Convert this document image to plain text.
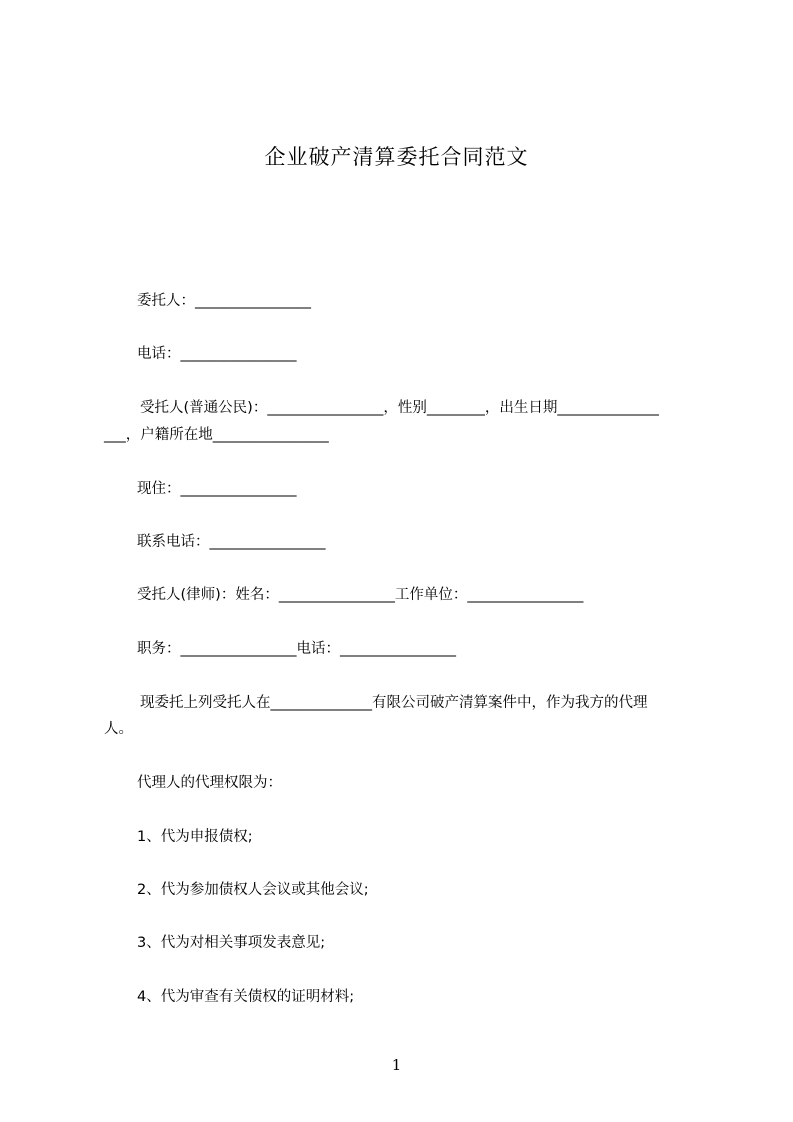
企业破产清算委托合同范文
委托人：________________
电话：________________
受托人(普通公民)：________________，性别________，出生日期______________
___，户籍所在地________________
现住：________________
联系电话：________________
受托人(律师)：姓名：________________工作单位：________________
职务：________________电话：________________
现委托上列受托人在______________有限公司破产清算案件中，作为我方的代理
人。
代理人的代理权限为：
1、代为申报债权;
2、代为参加债权人会议或其他会议;
3、代为对相关事项发表意见;
4、代为审查有关债权的证明材料;
1
